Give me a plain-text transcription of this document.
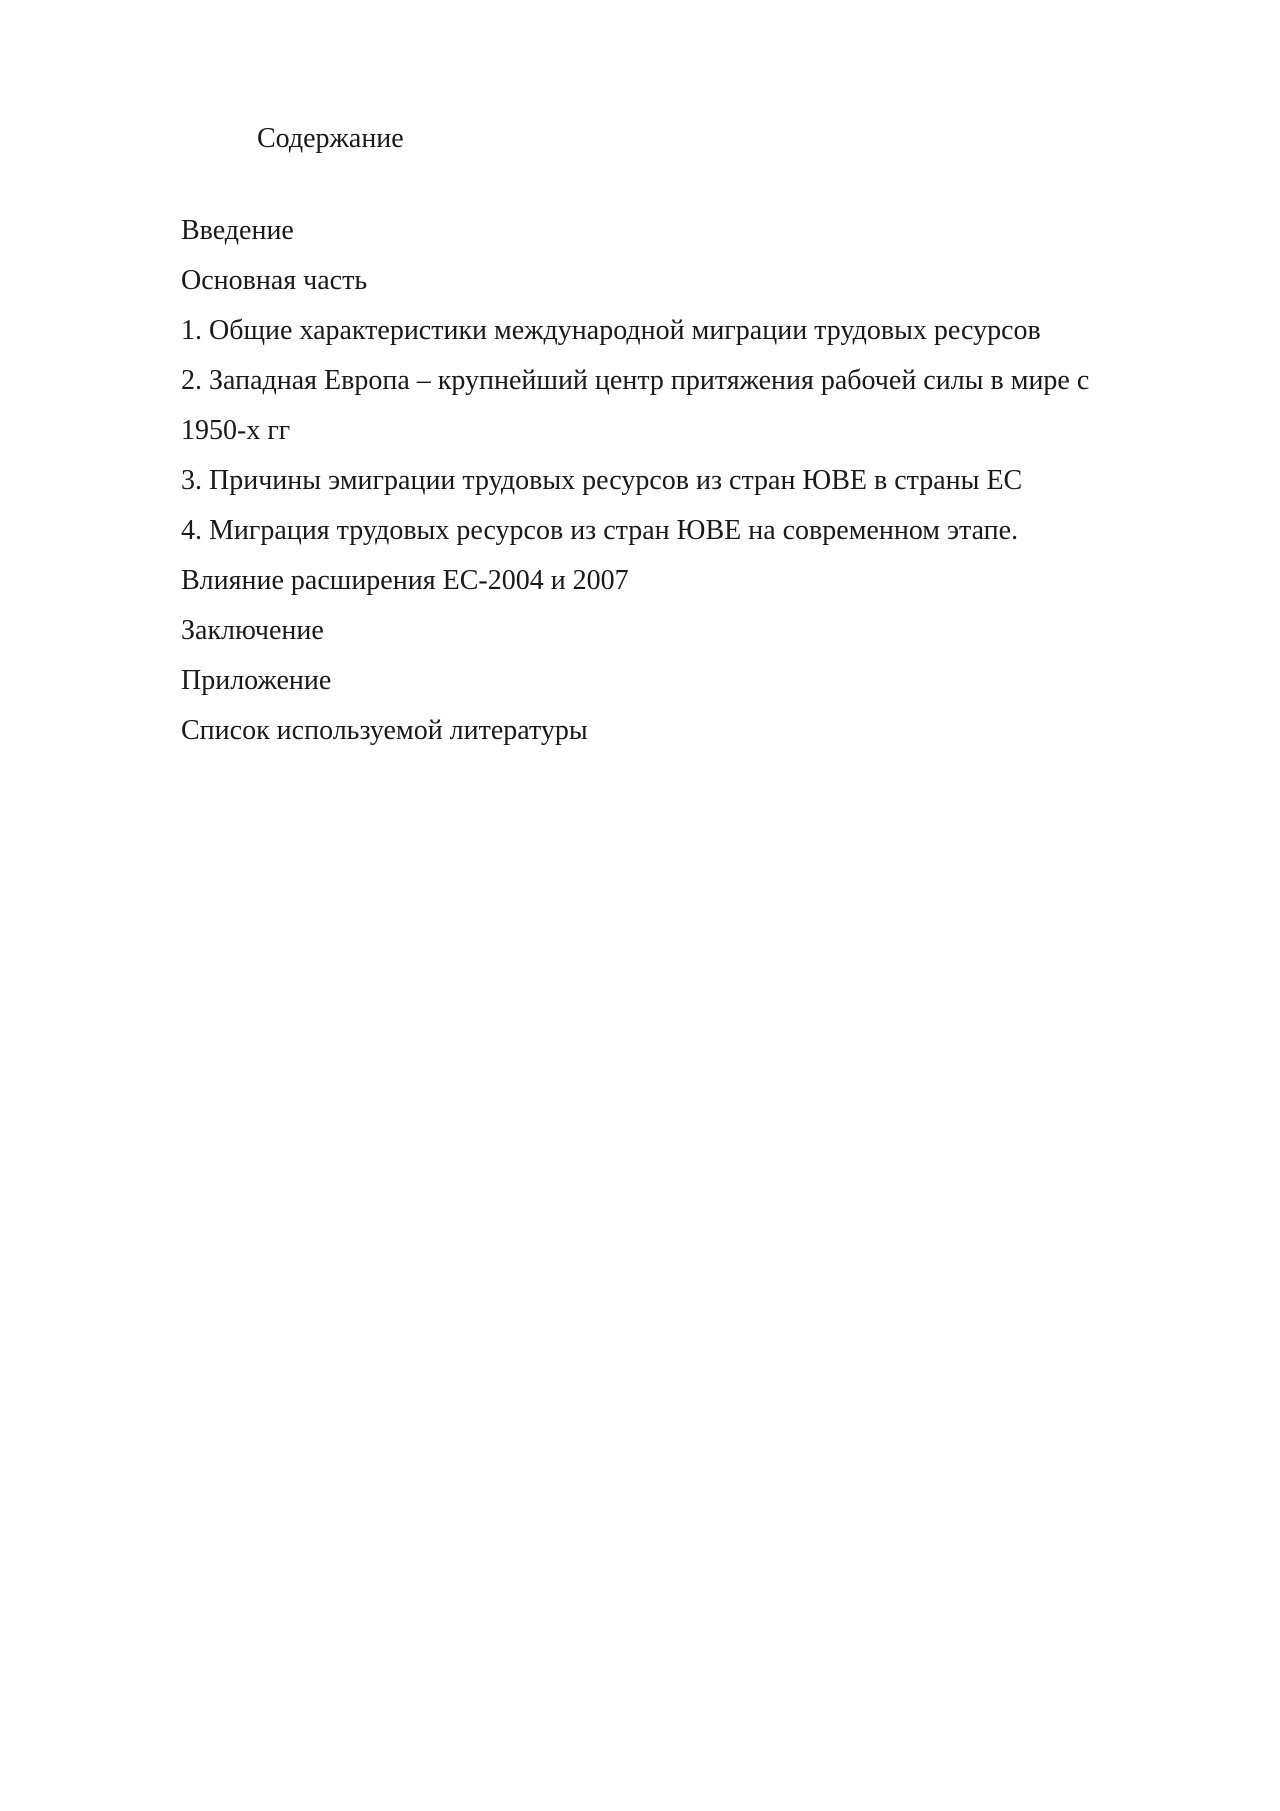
Содержание
Введение
Основная часть
1. Общие характеристики международной миграции трудовых ресурсов
2. Западная Европа – крупнейший центр притяжения рабочей силы в мире с
1950-х гг
3. Причины эмиграции трудовых ресурсов из стран ЮВЕ в страны ЕС
4. Миграция трудовых ресурсов из стран ЮВЕ на современном этапе.
Влияние расширения ЕС-2004 и 2007
Заключение
Приложение
Список используемой литературы
